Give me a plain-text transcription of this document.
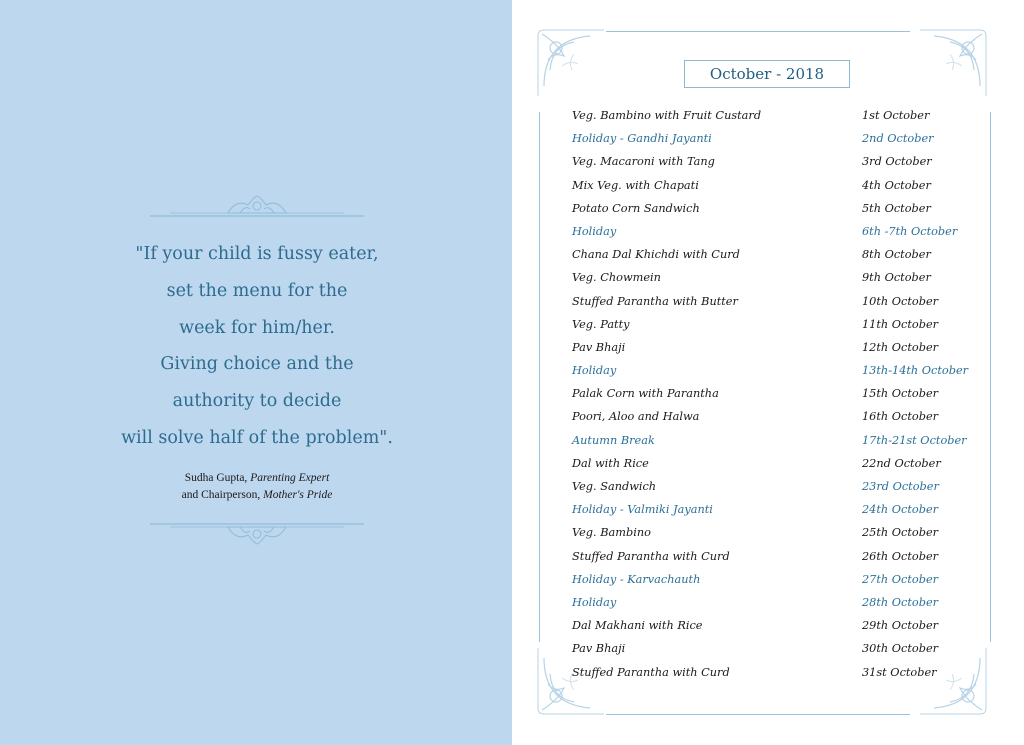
"If your child is fussy eater,
set the menu for the
week for him/her.
Giving choice and the
authority to decide
will solve half of the problem".
Sudha Gupta, Parenting Expert
and Chairperson, Mother's Pride
October - 2018
Veg. Bambino with Fruit Custard	1st October
Holiday - Gandhi Jayanti	2nd October
Veg. Macaroni with Tang	3rd October
Mix Veg. with Chapati	4th October
Potato Corn Sandwich	5th October
Holiday	6th -7th October
Chana Dal Khichdi with Curd	8th October
Veg. Chowmein	9th October
Stuffed Parantha with Butter	10th October
Veg. Patty	11th October
Pav Bhaji	12th October
Holiday	13th-14th October
Palak Corn with Parantha	15th October
Poori, Aloo and Halwa	16th October
Autumn Break	17th-21st October
Dal with Rice	22nd October
Veg. Sandwich	23rd October
Holiday - Valmiki Jayanti	24th October
Veg. Bambino	25th October
Stuffed Parantha with Curd	26th October
Holiday - Karvachauth	27th October
Holiday	28th October
Dal Makhani with Rice	29th October
Pav Bhaji	30th October
Stuffed Parantha with Curd	31st October
